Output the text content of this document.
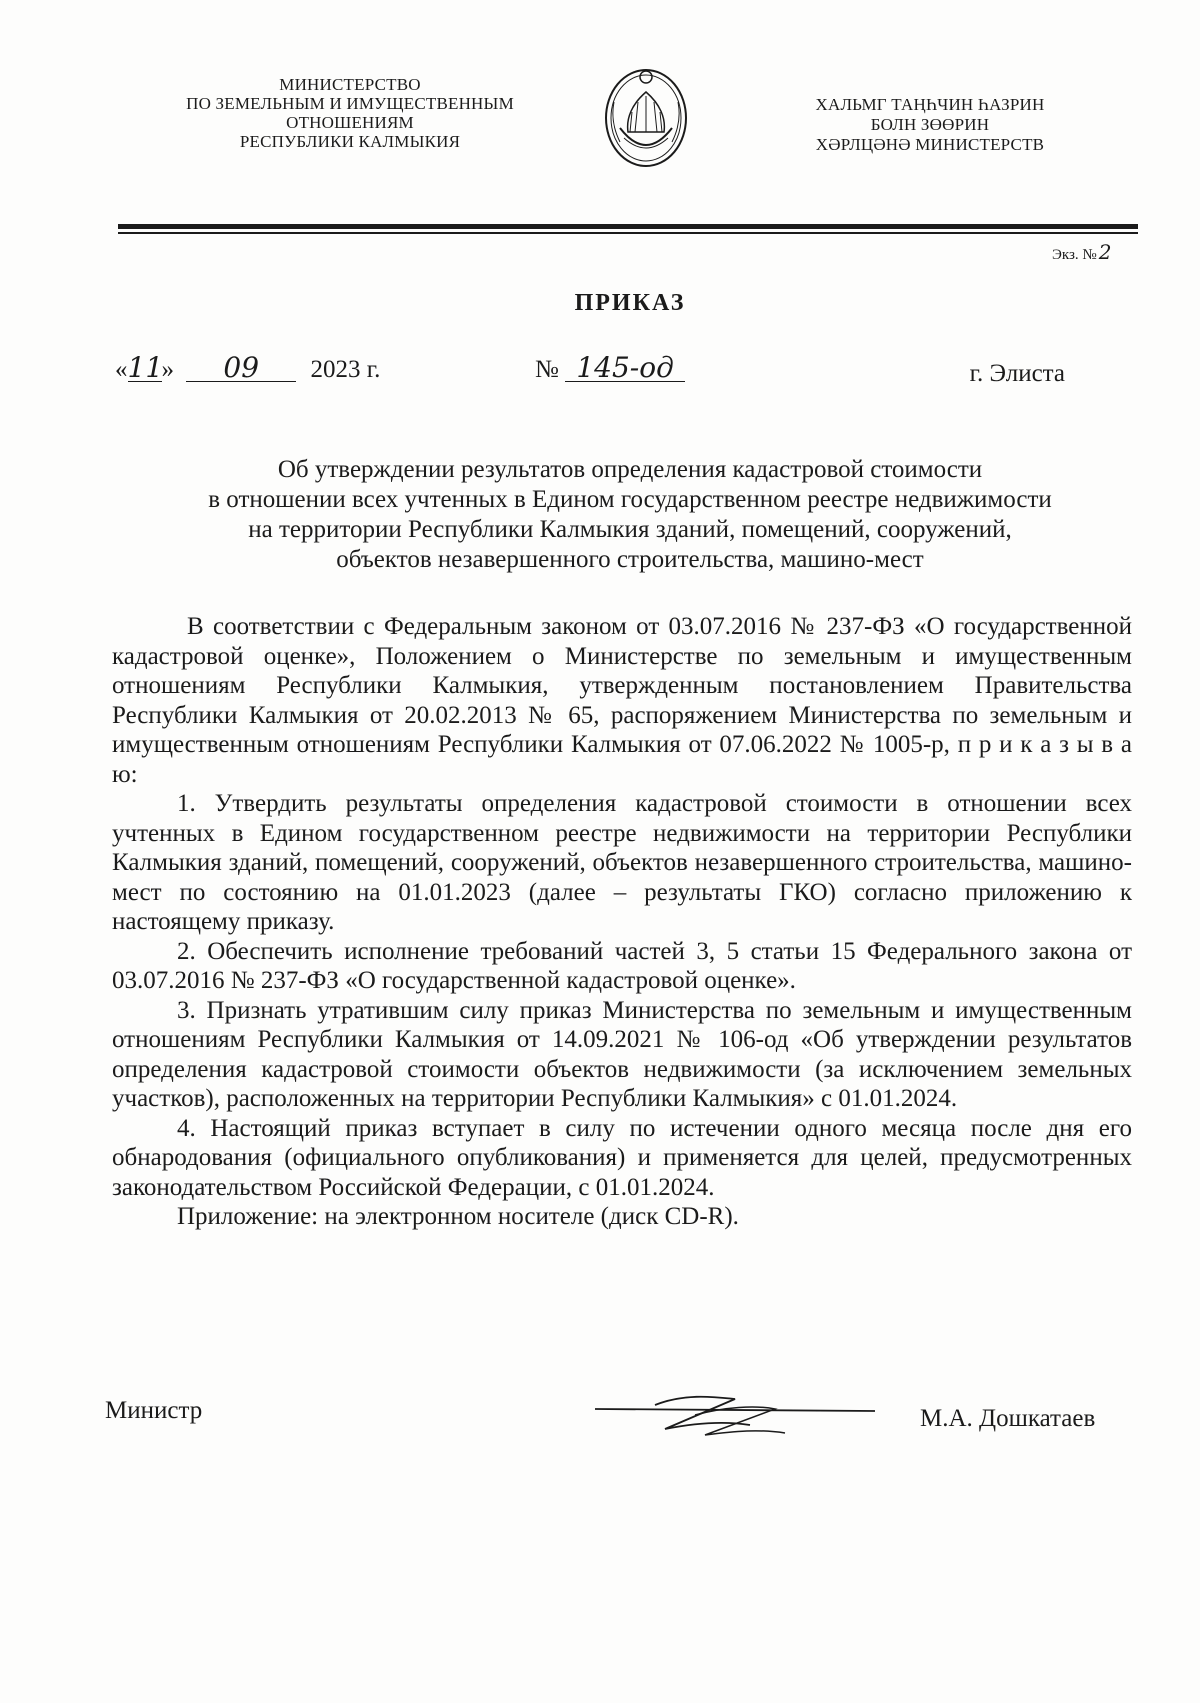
МИНИСТЕРСТВО
ПО ЗЕМЕЛЬНЫМ И ИМУЩЕСТВЕННЫМ
ОТНОШЕНИЯМ
РЕСПУБЛИКИ КАЛМЫКИЯ
ХАЛЬМГ ТАҢҺЧИН ҺАЗРИН
БОЛН ЗӨӨРИН
ХӘРЛЦӘНӘ МИНИСТЕРСТВ
Экз. № 2
ПРИКАЗ
«11» 09 2023 г.	№ 145-од	г. Элиста
Об утверждении результатов определения кадастровой стоимости
в отношении всех учтенных в Едином государственном реестре недвижимости
на территории Республики Калмыкия зданий, помещений, сооружений,
объектов незавершенного строительства, машино-мест

В соответствии с Федеральным законом от 03.07.2016 № 237-ФЗ «О государственной кадастровой оценке», Положением о Министерстве по земельным и имущественным отношениям Республики Калмыкия, утвержденным постановлением Правительства Республики Калмыкия от 20.02.2013 № 65, распоряжением Министерства по земельным и имущественным отношениям Республики Калмыкия от 07.06.2022 № 1005-р, п р и к а з ы в а ю:

1. Утвердить результаты определения кадастровой стоимости в отношении всех учтенных в Едином государственном реестре недвижимости на территории Республики Калмыкия зданий, помещений, сооружений, объектов незавершенного строительства, машино-мест по состоянию на 01.01.2023 (далее – результаты ГКО) согласно приложению к настоящему приказу.

2. Обеспечить исполнение требований частей 3, 5 статьи 15 Федерального закона от 03.07.2016 № 237-ФЗ «О государственной кадастровой оценке».

3. Признать утратившим силу приказ Министерства по земельным и имущественным отношениям Республики Калмыкия от 14.09.2021 № 106-од «Об утверждении результатов определения кадастровой стоимости объектов недвижимости (за исключением земельных участков), расположенных на территории Республики Калмыкия» с 01.01.2024.

4. Настоящий приказ вступает в силу по истечении одного месяца после дня его обнародования (официального опубликования) и применяется для целей, предусмотренных законодательством Российской Федерации, с 01.01.2024.

Приложение: на электронном носителе (диск CD-R).

Министр	М.А. Дошкатаев
